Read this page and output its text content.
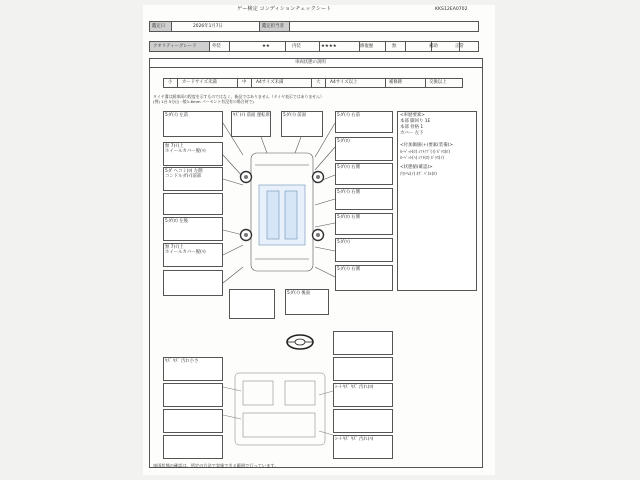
ゲー検定 コンディションチェックシート	KKS12EA0702
鑑定日	2026年1月7日	鑑定担当者
クオリティーグレード	外装	★★	内装	★★★★	修復歴	無	補助	正常
車両状態の説明
小 カードサイズ未満	中 A4サイズ未満	大 A4サイズ以上	補修跡	交換以上
タイヤ溝は紙車両の程度を示すものではなく、新品ではありません（タイヤ表示ではありません）
(例) 1台 5分山一般1.6mm パーセント有没有の場合何で)
5ダ(ｲ) 左前
無 7(ｲ)上
ホイールカバー脱(ﾊ)
5ダ ヘコミ(ﾛ) 左側
コンドルダ(ｲ)前部
5ダ(ﾛ) 左後
無 7(ｲ)上
ホイールカバー脱(ﾊ)
ｷｽﾞ(ｲ) 前面 運転席	5ダ(ｲ) 前面	5ダ(ｲ) 右前
5ダ(ﾛ)
5ダ(ﾊ) 右側
5ダ(ｲ) 右側
5ダ(ﾛ) 右側
5ダ(ﾊ)
5ダ(ｲ) 右側
5ダ(ｲ) 後面
<車歴要素>
本部 脚回り 1E
本部 骨格 1
カバー 左下
<付加価値(+)要素(装備)>
ｶｰﾍﾟｯﾄ(ﾛ) ｼﾌﾄﾉﾌﾞ(ｲ) ｶﾞﾗｽ(ﾛ)
ｶｰﾍﾟｯﾄ(ﾊ) ｼﾌﾄ(ﾛ) ｶﾞﾗｽ(ｲ)
<状態値(確認)>
内ﾄﾘﾑ(ｲ) ｷｽﾞ ﾊﾟﾈﾙ(ﾛ)
ｷｽﾞ ｷｽﾞ 汚れ小さ
ｼｰﾄ ｷｽﾞ ｷｽﾞ 汚れ(ﾛ)
ｼｰﾄ ｷｽﾞ ｷｽﾞ 汚れ(ﾊ)
車両状態の確認は、所定の方法で実施できる範囲で行っています。
